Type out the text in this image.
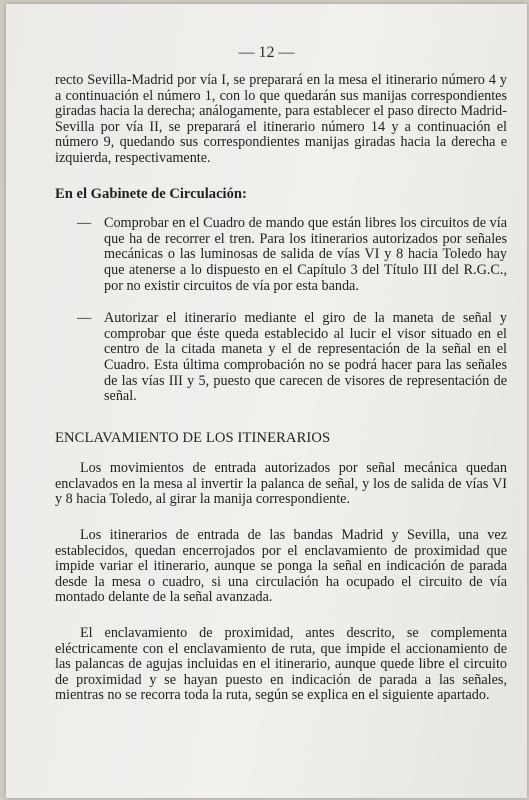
— 12 —

recto Sevilla-Madrid por vía I, se preparará en la mesa el itinerario número 4 y a continuación el número 1, con lo que quedarán sus manijas correspondientes giradas hacia la derecha; análogamente, para establecer el paso directo Madrid-Sevilla por vía II, se preparará el itinerario número 14 y a continuación el número 9, quedando sus correspondientes manijas giradas hacia la derecha e izquierda, respectivamente.

En el Gabinete de Circulación:

— Comprobar en el Cuadro de mando que están libres los circuitos de vía que ha de recorrer el tren. Para los itinerarios autorizados por señales mecánicas o las luminosas de salida de vías VI y 8 hacia Toledo hay que atenerse a lo dispuesto en el Capítulo 3 del Título III del R.G.C., por no existir circuitos de vía por esta banda.
— Autorizar el itinerario mediante el giro de la maneta de señal y comprobar que éste queda establecido al lucir el visor situado en el centro de la citada maneta y el de representación de la señal en el Cuadro. Esta última comprobación no se podrá hacer para las señales de las vías III y 5, puesto que carecen de visores de representación de señal.

ENCLAVAMIENTO DE LOS ITINERARIOS

Los movimientos de entrada autorizados por señal mecánica quedan enclavados en la mesa al invertir la palanca de señal, y los de salida de vías VI y 8 hacia Toledo, al girar la manija correspondiente.

Los itinerarios de entrada de las bandas Madrid y Sevilla, una vez establecidos, quedan encerrojados por el enclavamiento de proximidad que impide variar el itinerario, aunque se ponga la señal en indicación de parada desde la mesa o cuadro, si una circulación ha ocupado el circuito de vía montado delante de la señal avanzada.

El enclavamiento de proximidad, antes descrito, se complementa eléctricamente con el enclavamiento de ruta, que impide el accionamiento de las palancas de agujas incluidas en el itinerario, aunque quede libre el circuito de proximidad y se hayan puesto en indicación de parada a las señales, mientras no se recorra toda la ruta, según se explica en el siguiente apartado.
